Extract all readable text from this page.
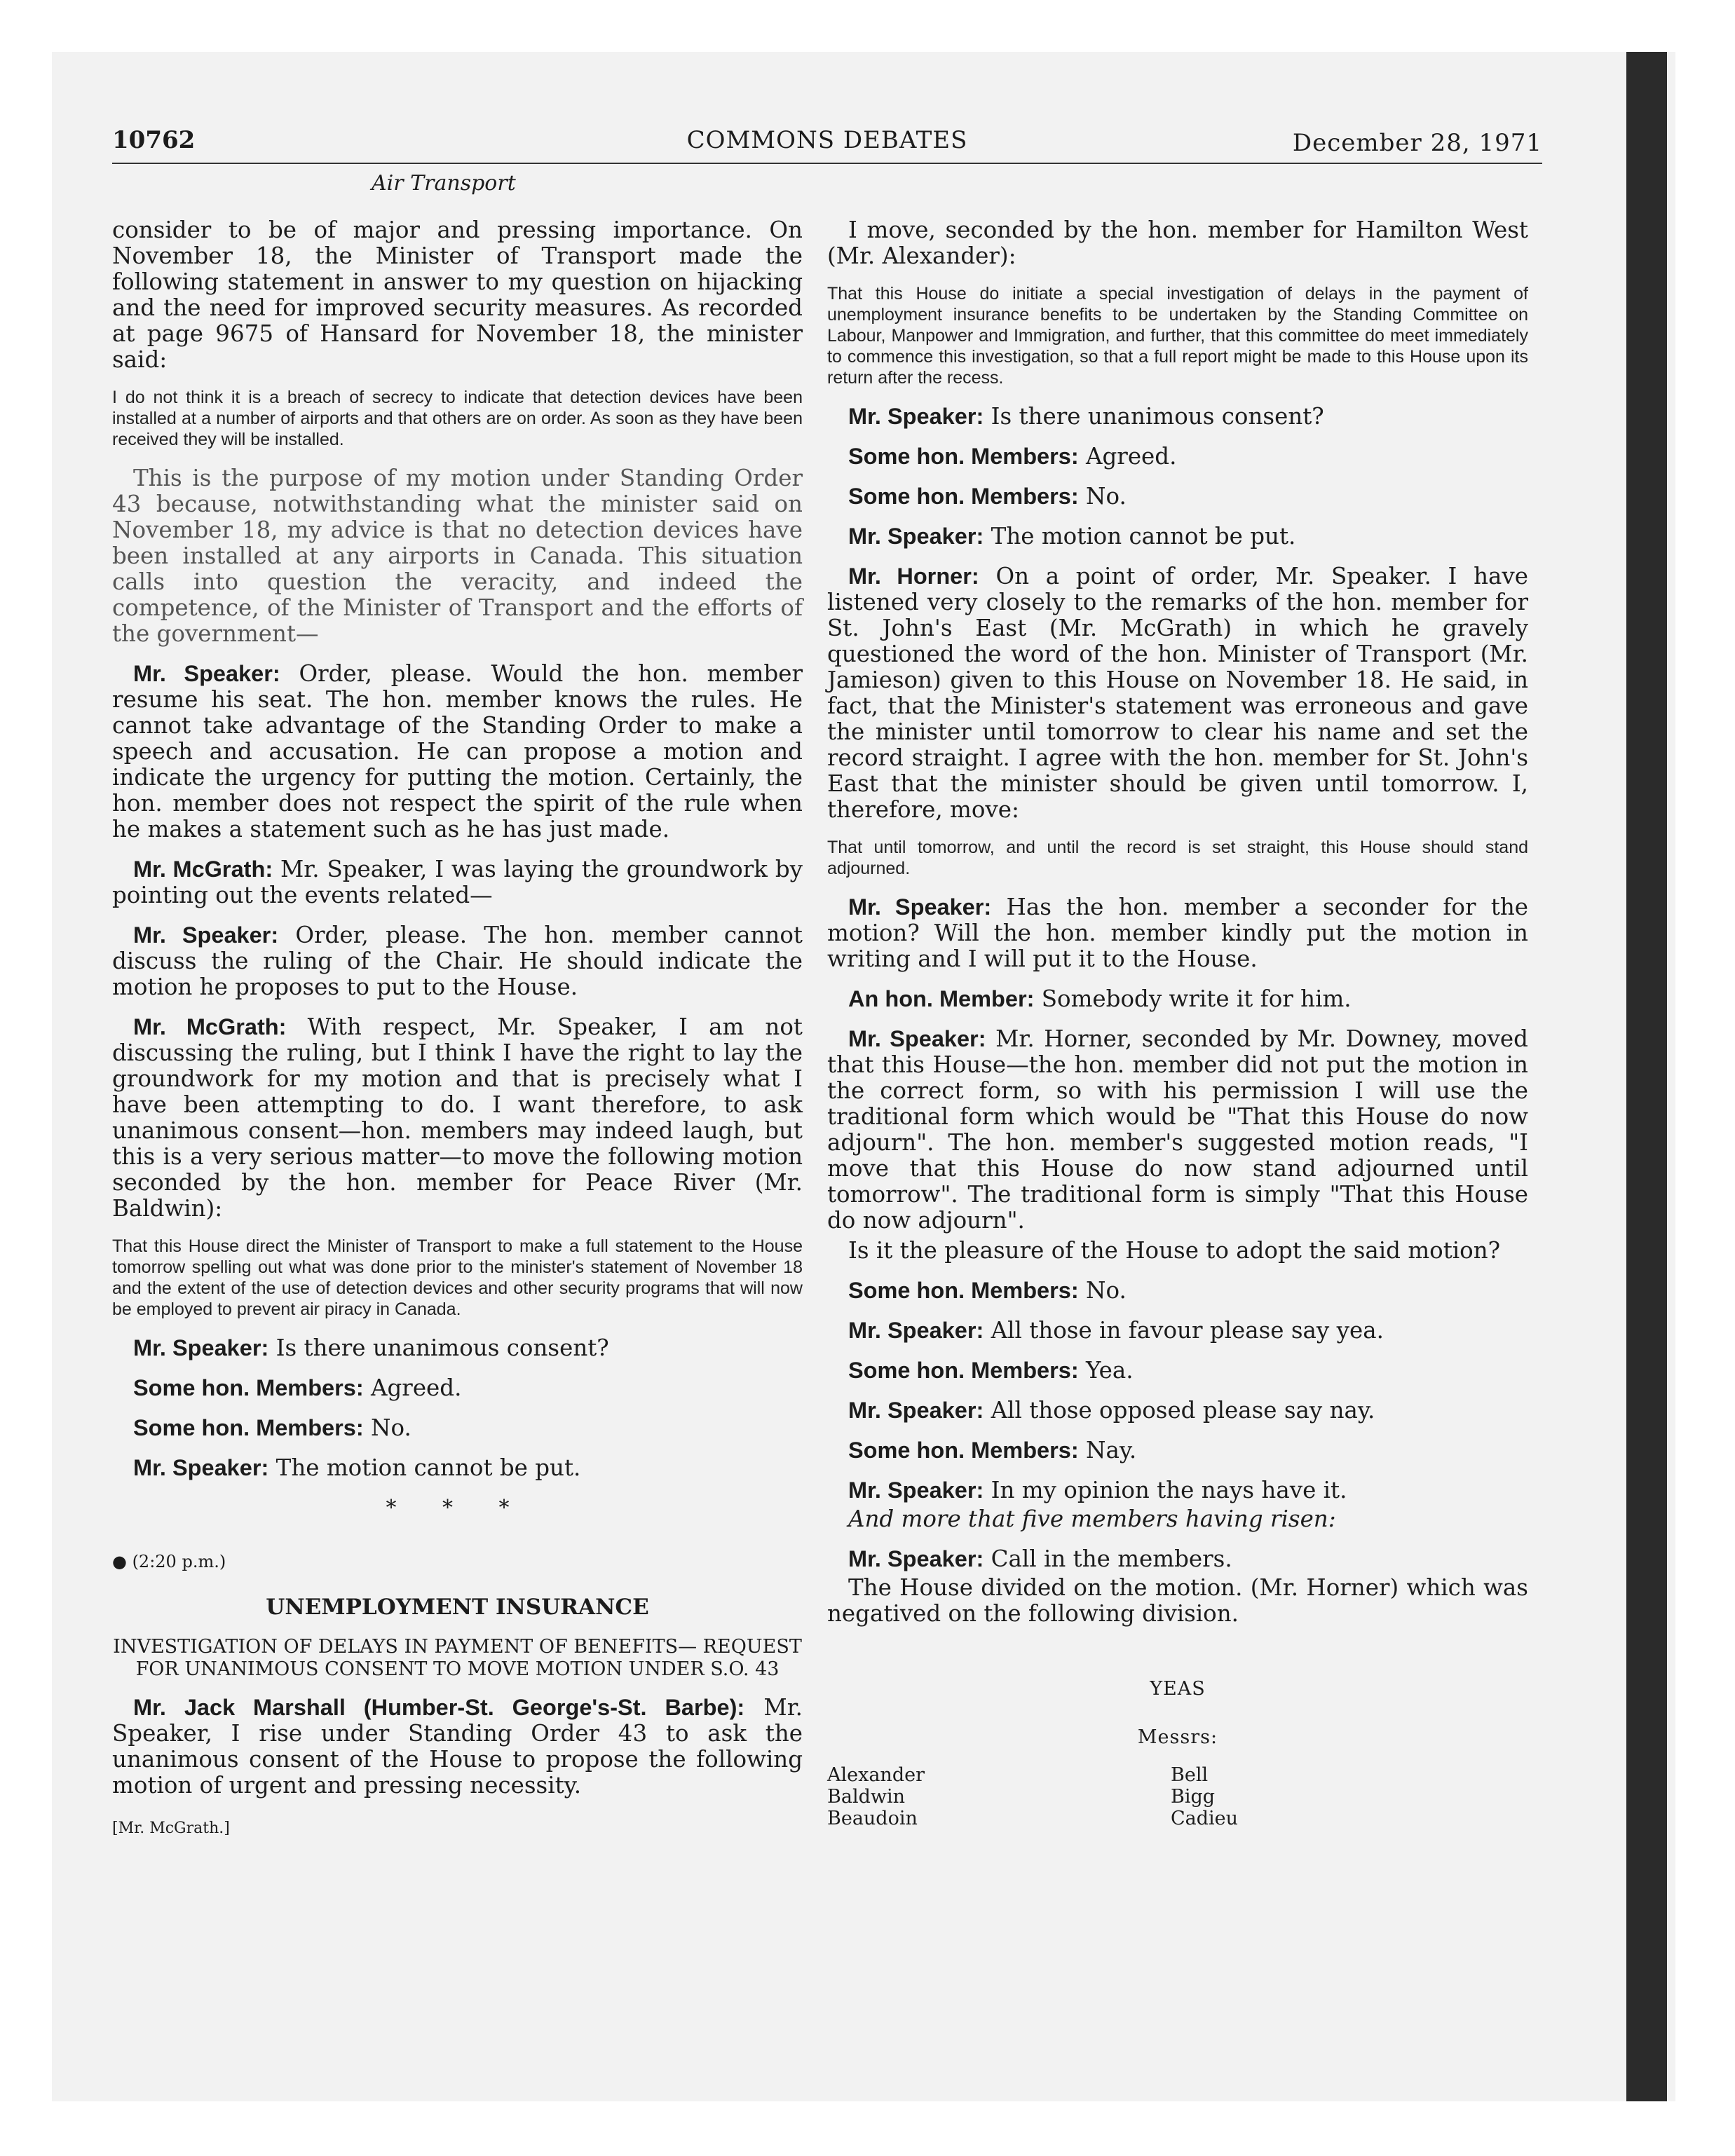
10762	COMMONS DEBATES	December 28, 1971
Air Transport

consider to be of major and pressing importance. On November 18, the Minister of Transport made the following statement in answer to my question on hijacking and the need for improved security measures. As recorded at page 9675 of Hansard for November 18, the minister said:

I do not think it is a breach of secrecy to indicate that detection devices have been installed at a number of airports and that others are on order. As soon as they have been received they will be installed.

This is the purpose of my motion under Standing Order 43 because, notwithstanding what the minister said on November 18, my advice is that no detection devices have been installed at any airports in Canada. This situation calls into question the veracity, and indeed the competence, of the Minister of Transport and the efforts of the government—

Mr. Speaker: Order, please. Would the hon. member resume his seat. The hon. member knows the rules. He cannot take advantage of the Standing Order to make a speech and accusation. He can propose a motion and indicate the urgency for putting the motion. Certainly, the hon. member does not respect the spirit of the rule when he makes a statement such as he has just made.

Mr. McGrath: Mr. Speaker, I was laying the groundwork by pointing out the events related—

Mr. Speaker: Order, please. The hon. member cannot discuss the ruling of the Chair. He should indicate the motion he proposes to put to the House.

Mr. McGrath: With respect, Mr. Speaker, I am not discussing the ruling, but I think I have the right to lay the groundwork for my motion and that is precisely what I have been attempting to do. I want therefore, to ask unanimous consent—hon. members may indeed laugh, but this is a very serious matter—to move the following motion seconded by the hon. member for Peace River (Mr. Baldwin):

That this House direct the Minister of Transport to make a full statement to the House tomorrow spelling out what was done prior to the minister's statement of November 18 and the extent of the use of detection devices and other security programs that will now be employed to prevent air piracy in Canada.

Mr. Speaker: Is there unanimous consent?

Some hon. Members: Agreed.

Some hon. Members: No.

Mr. Speaker: The motion cannot be put.

* * *
● (2:20 p.m.)
UNEMPLOYMENT INSURANCE
INVESTIGATION OF DELAYS IN PAYMENT OF BENEFITS— REQUEST FOR UNANIMOUS CONSENT TO MOVE MOTION UNDER S.O. 43

Mr. Jack Marshall (Humber-St. George's-St. Barbe): Mr. Speaker, I rise under Standing Order 43 to ask the unanimous consent of the House to propose the following motion of urgent and pressing necessity.

[Mr. McGrath.]

I move, seconded by the hon. member for Hamilton West (Mr. Alexander):

That this House do initiate a special investigation of delays in the payment of unemployment insurance benefits to be undertaken by the Standing Committee on Labour, Manpower and Immigration, and further, that this committee do meet immediately to commence this investigation, so that a full report might be made to this House upon its return after the recess.

Mr. Speaker: Is there unanimous consent?

Some hon. Members: Agreed.

Some hon. Members: No.

Mr. Speaker: The motion cannot be put.

Mr. Horner: On a point of order, Mr. Speaker. I have listened very closely to the remarks of the hon. member for St. John's East (Mr. McGrath) in which he gravely questioned the word of the hon. Minister of Transport (Mr. Jamieson) given to this House on November 18. He said, in fact, that the Minister's statement was erroneous and gave the minister until tomorrow to clear his name and set the record straight. I agree with the hon. member for St. John's East that the minister should be given until tomorrow. I, therefore, move:

That until tomorrow, and until the record is set straight, this House should stand adjourned.

Mr. Speaker: Has the hon. member a seconder for the motion? Will the hon. member kindly put the motion in writing and I will put it to the House.

An hon. Member: Somebody write it for him.

Mr. Speaker: Mr. Horner, seconded by Mr. Downey, moved that this House—the hon. member did not put the motion in the correct form, so with his permission I will use the traditional form which would be "That this House do now adjourn". The hon. member's suggested motion reads, "I move that this House do now stand adjourned until tomorrow". The traditional form is simply "That this House do now adjourn".

Is it the pleasure of the House to adopt the said motion?

Some hon. Members: No.

Mr. Speaker: All those in favour please say yea.

Some hon. Members: Yea.

Mr. Speaker: All those opposed please say nay.

Some hon. Members: Nay.

Mr. Speaker: In my opinion the nays have it.

And more that five members having risen:

Mr. Speaker: Call in the members.

The House divided on the motion. (Mr. Horner) which was negatived on the following division.

YEAS
Messrs:
Alexander
Baldwin
Beaudoin
Bell
Bigg
Cadieu
